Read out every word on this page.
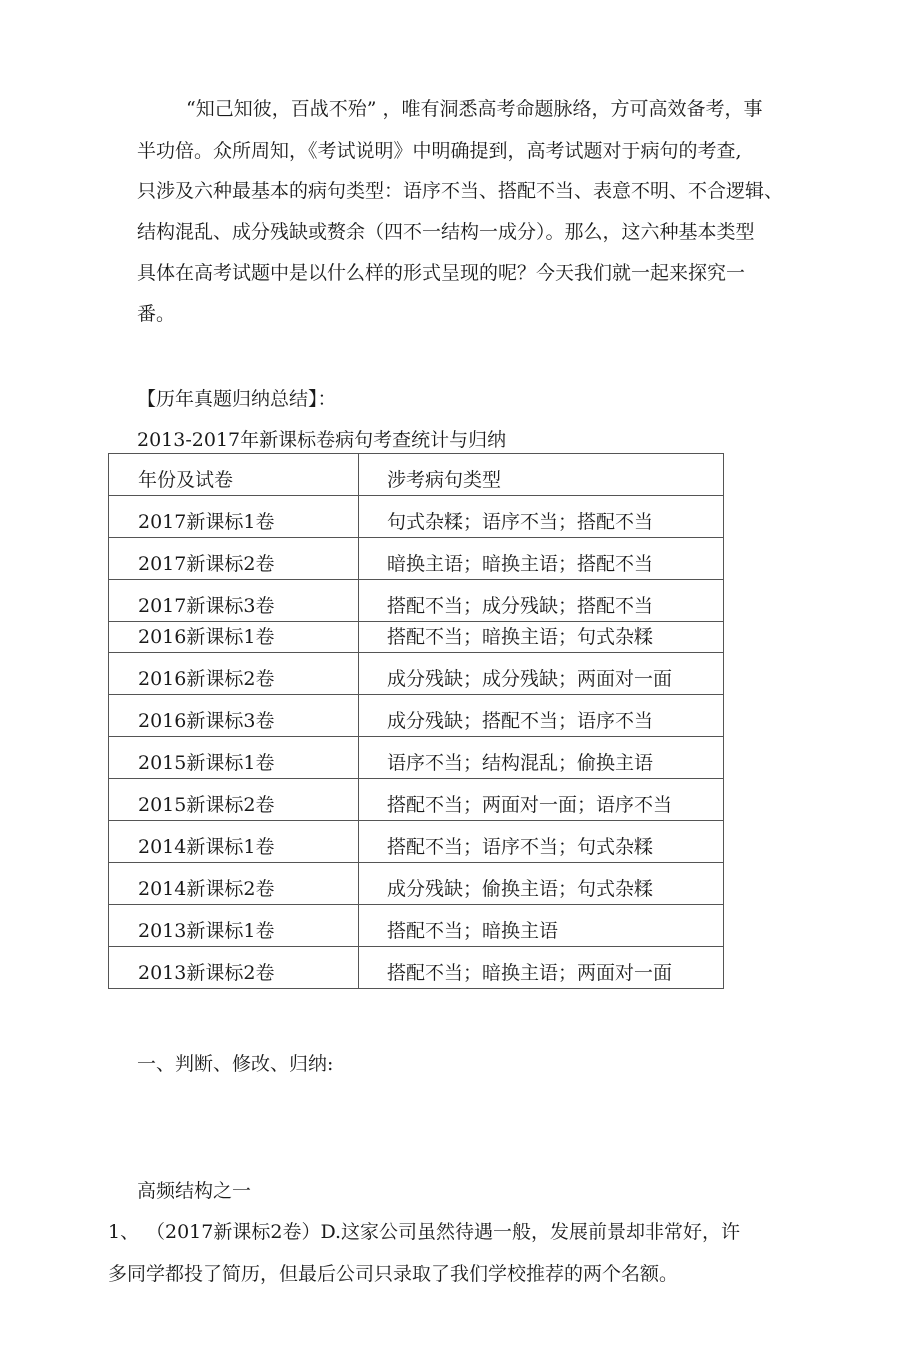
“知己知彼，百战不殆” ，唯有洞悉高考命题脉络，方可高效备考，事
半功倍。众所周知，《考试说明》中明确提到，高考试题对于病句的考查,
只涉及六种最基本的病句类型：语序不当、搭配不当、表意不明、不合逻辑、
结构混乱、成分残缺或赘余（四不一结构一成分）。那么，这六种基本类型
具体在高考试题中是以什么样的形式呈现的呢？今天我们就一起来探究一
番。
【历年真题归纳总结】：
2013-2017年新课标卷病句考查统计与归纳
年份及试卷	涉考病句类型

2017新课标1卷	句式杂糅；语序不当；搭配不当

2017新课标2卷	暗换主语；暗换主语；搭配不当

2017新课标3卷	搭配不当；成分残缺；搭配不当

2016新课标1卷	搭配不当；暗换主语；句式杂糅

2016新课标2卷	成分残缺；成分残缺；两面对一面

2016新课标3卷	成分残缺；搭配不当；语序不当

2015新课标1卷	语序不当；结构混乱；偷换主语

2015新课标2卷	搭配不当；两面对一面；语序不当

2014新课标1卷	搭配不当；语序不当；句式杂糅

2014新课标2卷	成分残缺；偷换主语；句式杂糅

2013新课标1卷	搭配不当；暗换主语

2013新课标2卷	搭配不当；暗换主语；两面对一面
一、判断、修改、归纳:
高频结构之一
1、 （2017新课标2卷）D.这家公司虽然待遇一般，发展前景却非常好，许
多同学都投了简历，但最后公司只录取了我们学校推荐的两个名额。
